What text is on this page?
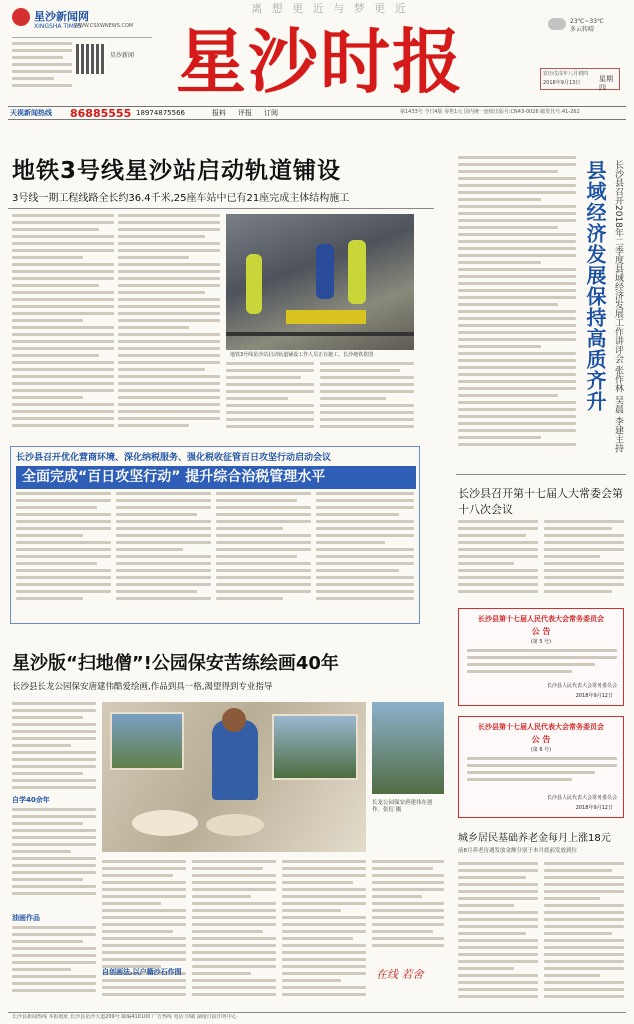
离 想 更 近 与 梦 更 近
星沙新闻网
XINGSHA TIMES
WWW.CSXWNEWS.COM
星沙新闻 星沙时报	23℃~33℃
多云转晴
农历戊戌年八月初四
2018年9月13日	星期四
天视新闻热线 86885555 18974875566	报料 评报 订阅	第1433号 今日4版 零售1元 国内统一连续出版号:CN43-0026 邮发代号:41-262
地铁3号线星沙站启动轨道铺设
3号线一期工程线路全长约36.4千米,25座车站中已有21座完成主体结构施工
地铁3号线星沙站启动轨道铺设工作人员正在施工。长沙地铁供图
长沙县召开优化营商环境、深化纳税服务、强化税收征管百日攻坚行动启动会议
全面完成“百日攻坚行动” 提升综合治税管理水平
县域经济发展保持高质齐升 长沙县召开2018年二季度县域经济发展工作讲评会 张作林 吴晨 李建主持
长沙县召开第十七届人大常委会第十八次会议
长沙县第十七届人民代表大会常务委员会
公 告
(第 5 号)
长沙县人民代表大会常务委员会
2018年9月12日
长沙县第十七届人民代表大会常务委员会
公 告
(第 6 号)
长沙县人民代表大会常务委员会
2018年9月12日
城乡居民基础养老金每月上涨18元
前8月养老待遇发放金额分别于本月底前发放到位
星沙版“扫地僧”!公园保安苦练绘画40年
长沙县长龙公园保安唐建伟酷爱绘画,作品到具一格,渴望得到专业指导
自学40余年
油画作品
长龙公园保安唐建伟在创作。张衍 摄
自创画法,以户籍沙石作图	在线 若舍
长沙县新闻热线 本报地址 长沙县星沙大道209号 邮编410100 广告热线 电话 印刷 湖南日报印务中心
